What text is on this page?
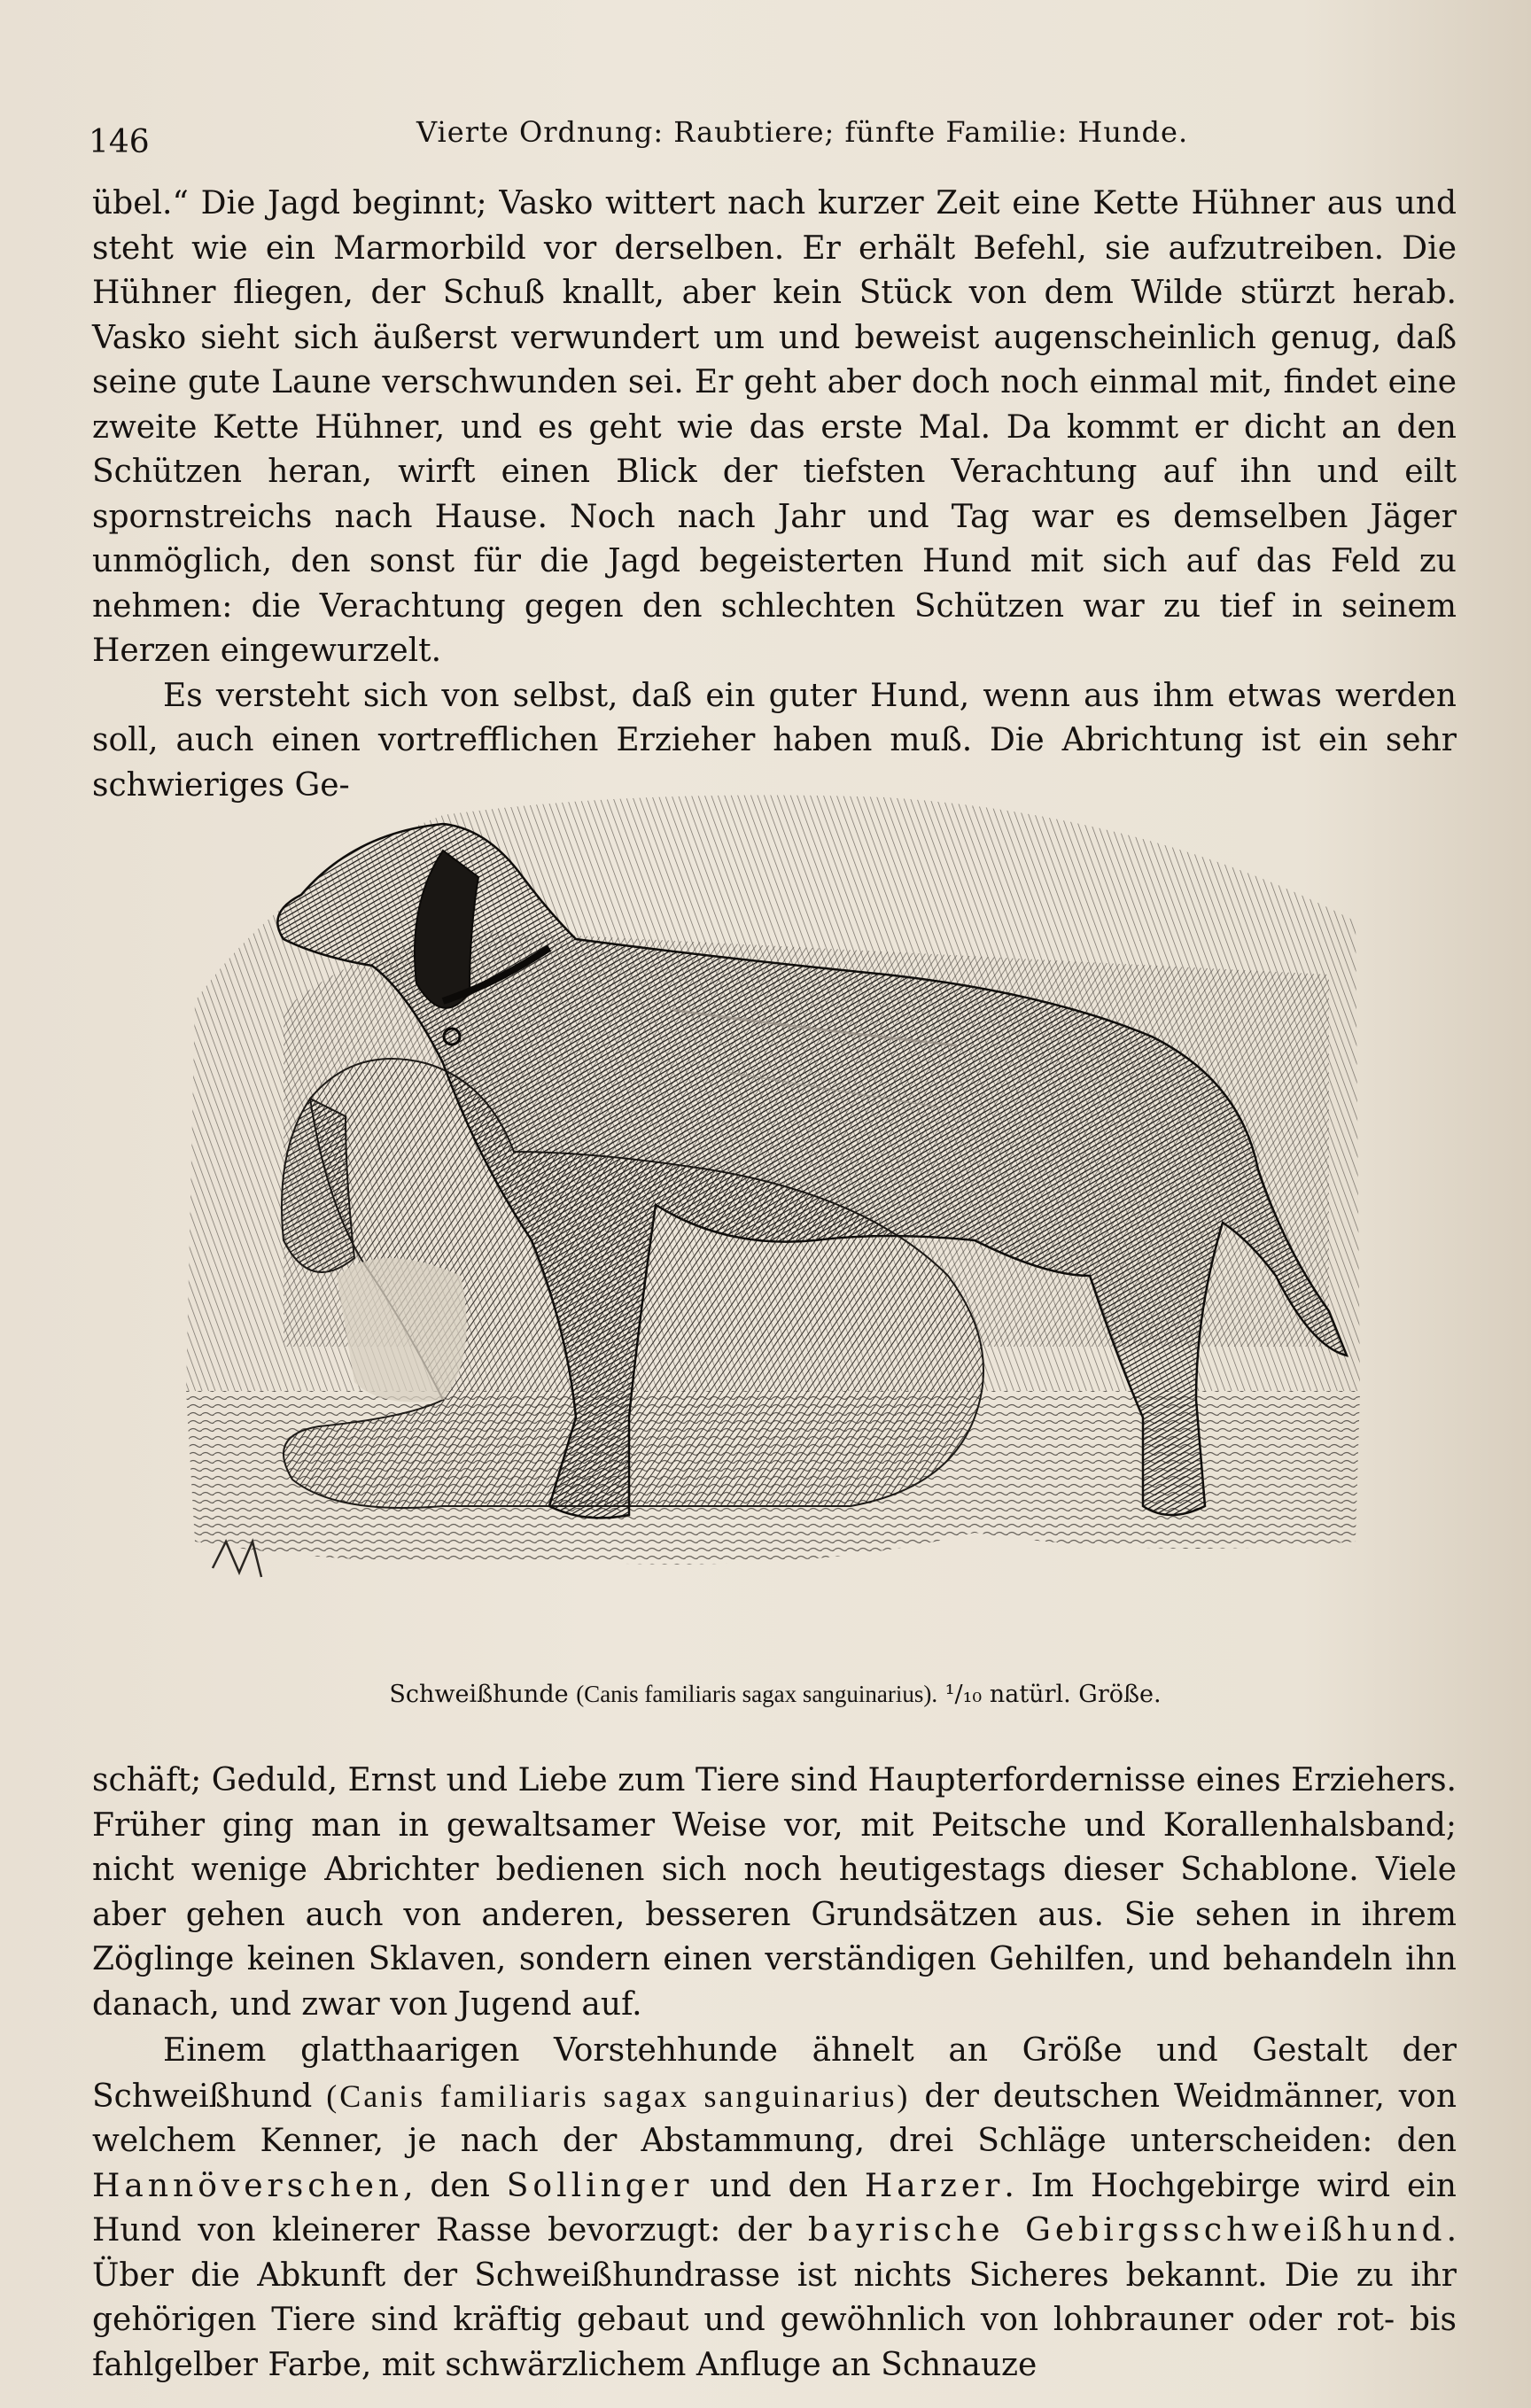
146	Vierte Ordnung: Raubtiere; fünfte Familie: Hunde.

übel.“ Die Jagd beginnt; Vasko wittert nach kurzer Zeit eine Kette Hühner aus und steht wie ein Marmorbild vor derselben. Er erhält Befehl, sie aufzutreiben. Die Hühner fliegen, der Schuß knallt, aber kein Stück von dem Wilde stürzt herab. Vasko sieht sich äußerst verwundert um und beweist augenscheinlich genug, daß seine gute Laune verschwunden sei. Er geht aber doch noch einmal mit, findet eine zweite Kette Hühner, und es geht wie das erste Mal. Da kommt er dicht an den Schützen heran, wirft einen Blick der tiefsten Verachtung auf ihn und eilt spornstreichs nach Hause. Noch nach Jahr und Tag war es demselben Jäger unmöglich, den sonst für die Jagd begeisterten Hund mit sich auf das Feld zu nehmen: die Verachtung gegen den schlechten Schützen war zu tief in seinem Herzen eingewurzelt.

Es versteht sich von selbst, daß ein guter Hund, wenn aus ihm etwas werden soll, auch einen vortrefflichen Erzieher haben muß. Die Abrichtung ist ein sehr schwieriges Ge-

Schweißhunde (Canis familiaris sagax sanguinarius). ¹/₁₀ natürl. Größe.

schäft; Geduld, Ernst und Liebe zum Tiere sind Haupterfordernisse eines Erziehers. Früher ging man in gewaltsamer Weise vor, mit Peitsche und Korallenhalsband; nicht wenige Abrichter bedienen sich noch heutigestags dieser Schablone. Viele aber gehen auch von anderen, besseren Grundsätzen aus. Sie sehen in ihrem Zöglinge keinen Sklaven, sondern einen verständigen Gehilfen, und behandeln ihn danach, und zwar von Jugend auf.

Einem glatthaarigen Vorstehhunde ähnelt an Größe und Gestalt der Schweißhund (Canis familiaris sagax sanguinarius) der deutschen Weidmänner, von welchem Kenner, je nach der Abstammung, drei Schläge unterscheiden: den Hannöverschen, den Sollinger und den Harzer. Im Hochgebirge wird ein Hund von kleinerer Rasse bevorzugt: der bayrische Gebirgsschweißhund. Über die Abkunft der Schweißhundrasse ist nichts Sicheres bekannt. Die zu ihr gehörigen Tiere sind kräftig gebaut und gewöhnlich von lohbrauner oder rot- bis fahlgelber Farbe, mit schwärzlichem Anfluge an Schnauze
